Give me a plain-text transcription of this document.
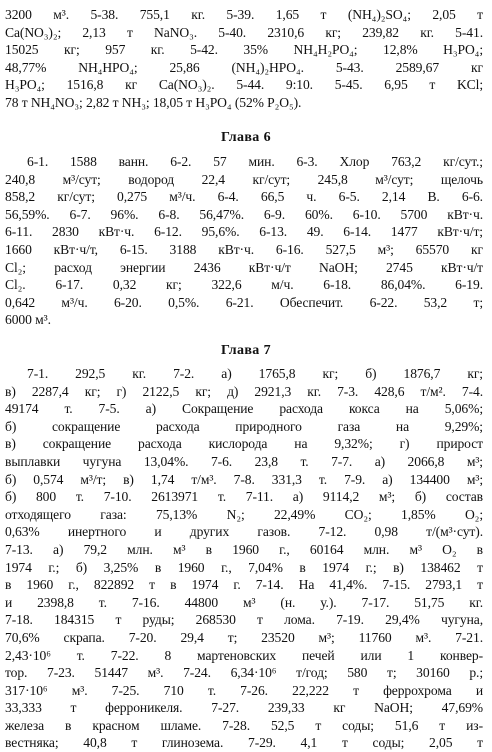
3200 м³. 5-38. 755,1 кг. 5-39. 1,65 т (NH₄)₂SO₄; 2,05 т

Ca(NO₃)₂; 2,13 т NaNO₃. 5-40. 2310,6 кг; 239,82 кг. 5-41.

15025 кг; 957 кг. 5-42. 35% NH₄H₂PO₄; 12,8% H₃PO₄;

48,77% NH₄HPO₄; 25,86 (NH₄)₂HPO₄. 5-43. 2589,67 кг

H₃PO₄; 1516,8 кг Ca(NO₃)₂. 5-44. 9:10. 5-45. 6,95 т KCl;

78 т NH₄NO₃; 2,82 т NH₃; 18,05 т H₃PO₄ (52% P₂O₅).

Глава 6

6-1. 1588 ванн. 6-2. 57 мин. 6-3. Хлор 763,2 кг/сут.;

240,8 м³/сут; водород 22,4 кг/сут; 245,8 м³/сут; щелочь

858,2 кг/сут; 0,275 м³/ч. 6-4. 66,5 ч. 6-5. 2,14 В. 6-6.

56,59%. 6-7. 96%. 6-8. 56,47%. 6-9. 60%. 6-10. 5700 кВт·ч.

6-11. 2830 кВт·ч. 6-12. 95,6%. 6-13. 49. 6-14. 1477 кВт·ч/т;

1660 кВт·ч/т, 6-15. 3188 кВт·ч. 6-16. 527,5 м³; 65570 кг

Cl₂; расход энергии 2436 кВт·ч/т NaOH; 2745 кВт·ч/т

Cl₂. 6-17. 0,32 кг; 322,6 м/ч. 6-18. 86,04%. 6-19.

0,642 м³/ч. 6-20. 0,5%. 6-21. Обеспечит. 6-22. 53,2 т;

6000 м³.

Глава 7

7-1. 292,5 кг. 7-2. а) 1765,8 кг; б) 1876,7 кг;

в) 2287,4 кг; г) 2122,5 кг; д) 2921,3 кг. 7-3. 428,6 т/м². 7-4.

49174 т. 7-5. а) Сокращение расхода кокса на 5,06%;

б) сокращение расхода природного газа на 9,29%;

в) сокращение расхода кислорода на 9,32%; г) прирост

выплавки чугуна 13,04%. 7-6. 23,8 т. 7-7. а) 2066,8 м³;

б) 0,574 м³/т; в) 1,74 т/м³. 7-8. 331,3 т. 7-9. а) 134400 м³;

б) 800 т. 7-10. 2613971 т. 7-11. а) 9114,2 м³; б) состав

отходящего газа: 75,13% N₂; 22,49% CO₂; 1,85% O₂;

0,63% инертного и других газов. 7-12. 0,98 т/(м³·сут).

7-13. а) 79,2 млн. м³ в 1960 г., 60164 млн. м³ O₂ в

1974 г.; б) 3,25% в 1960 г., 7,04% в 1974 г.; в) 138462 т

в 1960 г., 822892 т в 1974 г. 7-14. На 41,4%. 7-15. 2793,1 т

и 2398,8 т. 7-16. 44800 м³ (н. у.). 7-17. 51,75 кг.

7-18. 184315 т руды; 268530 т лома. 7-19. 29,4% чугуна,

70,6% скрапа. 7-20. 29,4 т; 23520 м³; 11760 м³. 7-21.

2,43·10⁶ т. 7-22. 8 мартеновских печей или 1 конвер-

тор. 7-23. 51447 м³. 7-24. 6,34·10⁶ т/год; 580 т; 30160 р.;

317·10⁶ м³. 7-25. 710 т. 7-26. 22,222 т феррохрома и

33,333 т ферроникеля. 7-27. 239,33 кг NaOH; 47,69%

железа в красном шламе. 7-28. 52,5 т соды; 51,6 т из-

вестняка; 40,8 т глинозема. 7-29. 4,1 т соды; 2,05 т
